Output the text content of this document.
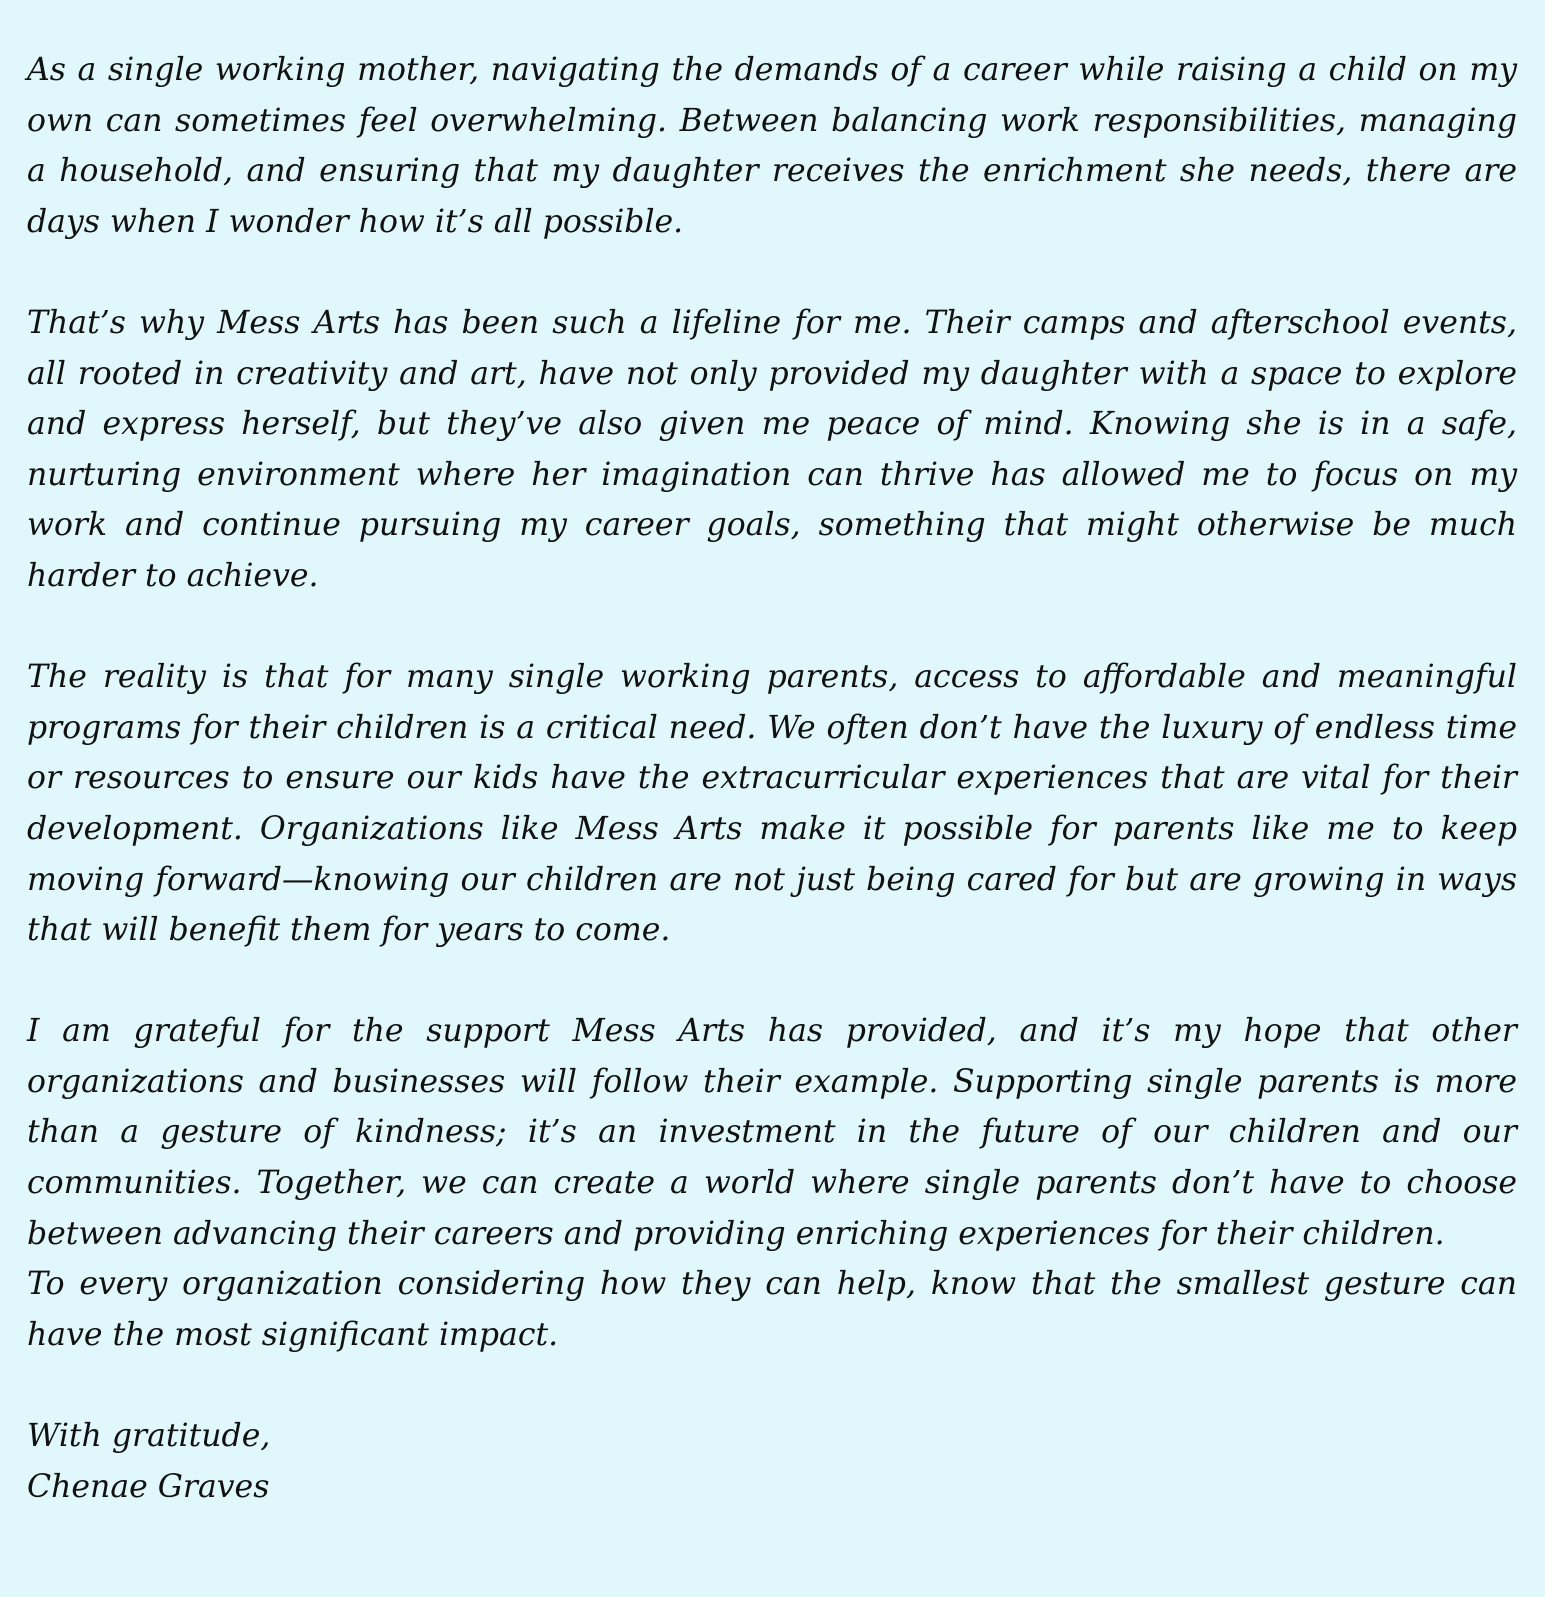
As a single working mother, navigating the demands of a career while raising a child on my own can sometimes feel overwhelming. Between balancing work responsibilities, managing a household, and ensuring that my daughter receives the enrichment she needs, there are days when I wonder how it’s all possible.

That’s why Mess Arts has been such a lifeline for me. Their camps and afterschool events, all rooted in creativity and art, have not only provided my daughter with a space to explore and express herself, but they’ve also given me peace of mind. Knowing she is in a safe, nurturing environment where her imagination can thrive has allowed me to focus on my work and continue pursuing my career goals, something that might otherwise be much harder to achieve.

The reality is that for many single working parents, access to affordable and meaningful programs for their children is a critical need. We often don’t have the luxury of endless time or resources to ensure our kids have the extracurricular experiences that are vital for their development. Organizations like Mess Arts make it possible for parents like me to keep moving forward—knowing our children are not just being cared for but are growing in ways that will benefit them for years to come.

I am grateful for the support Mess Arts has provided, and it’s my hope that other organizations and businesses will follow their example. Supporting single parents is more than a gesture of kindness; it’s an investment in the future of our children and our communities. Together, we can create a world where single parents don’t have to choose between advancing their careers and providing enriching experiences for their children.

To every organization considering how they can help, know that the smallest gesture can have the most significant impact.

With gratitude,

Chenae Graves
